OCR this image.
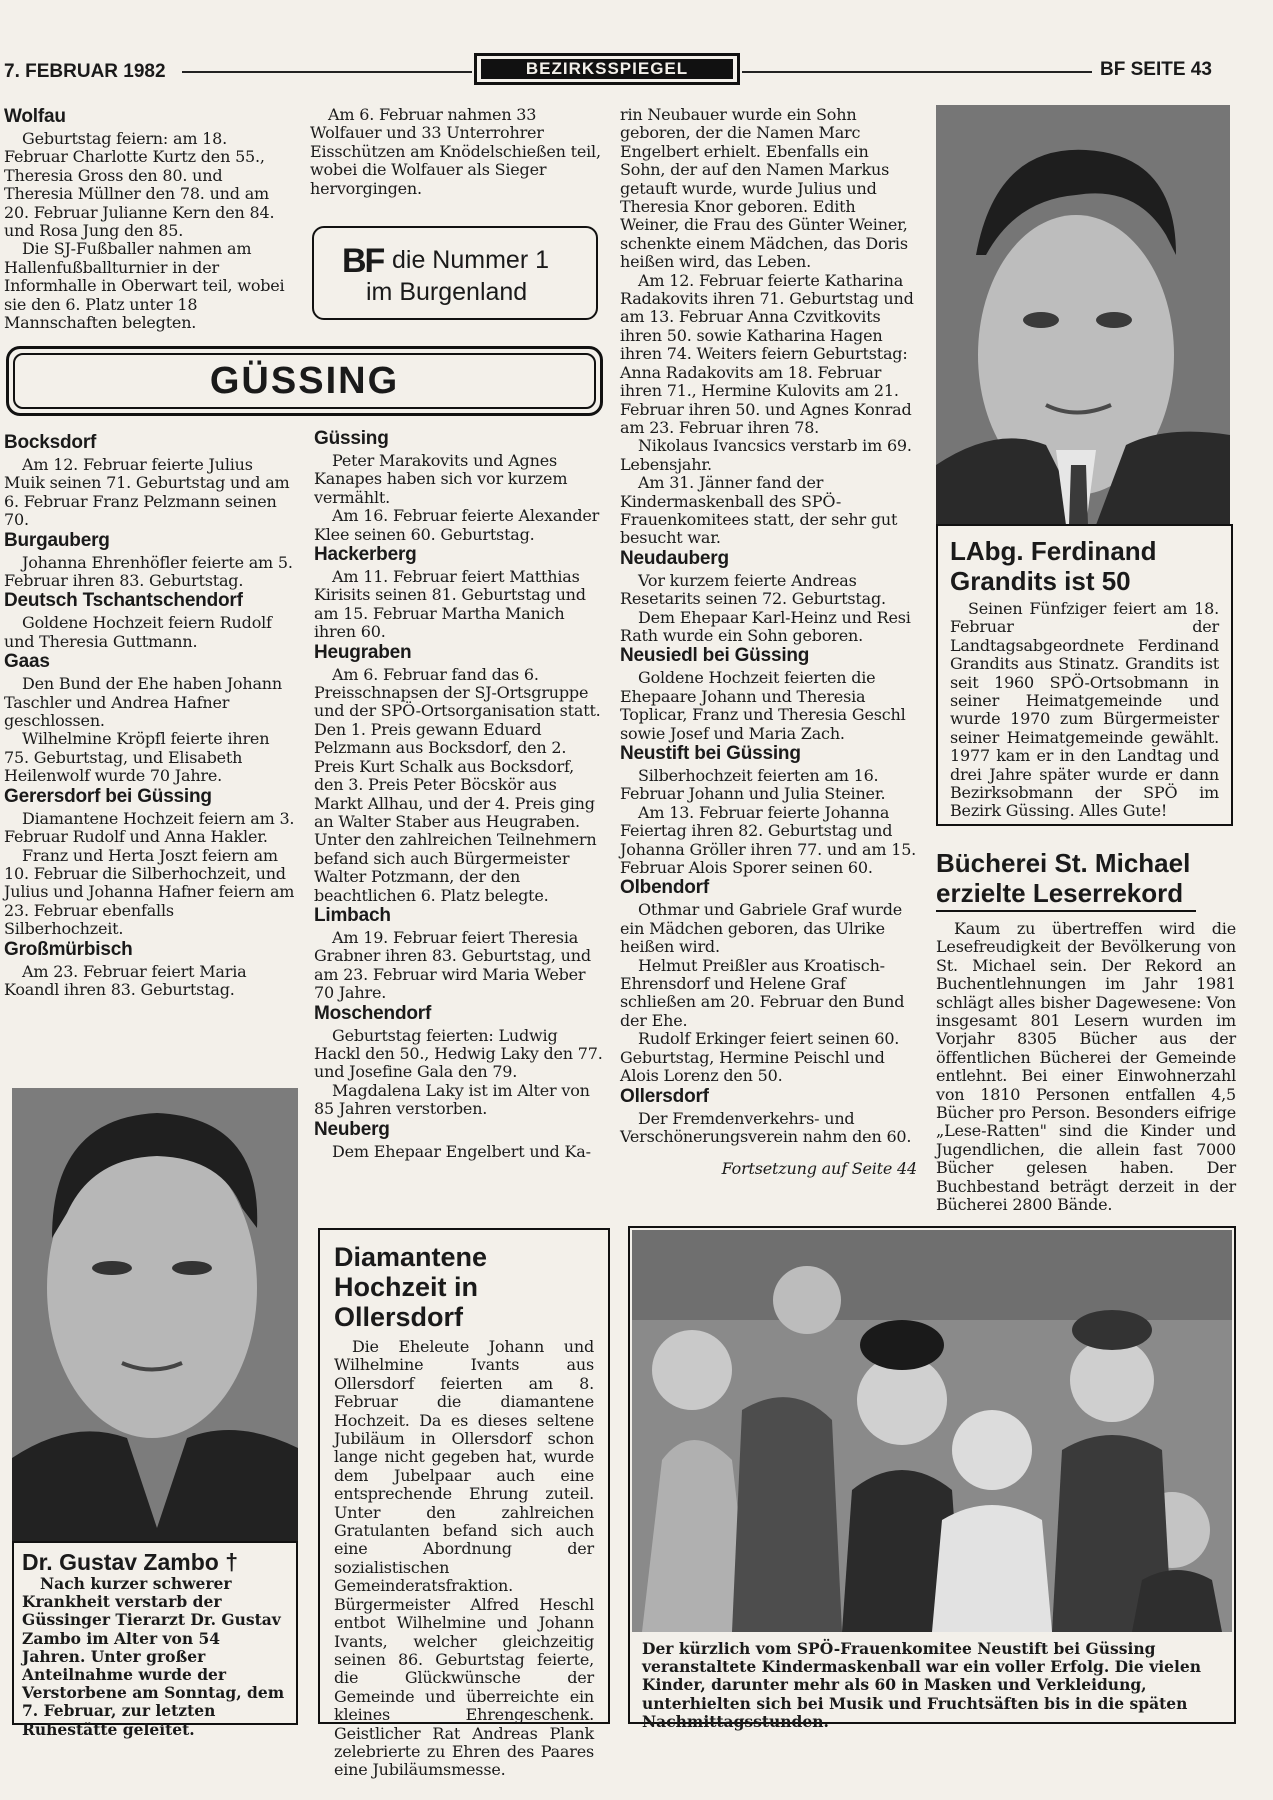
7. FEBRUAR 1982	BEZIRKSSPIEGEL	BF SEITE 43
Wolfau

Geburtstag feiern: am 18. Februar Charlotte Kurtz den 55., Theresia Gross den 80. und Theresia Müllner den 78. und am 20. Februar Julianne Kern den 84. und Rosa Jung den 85.

Die SJ-Fußballer nahmen am Hallenfußballturnier in der Informhalle in Oberwart teil, wobei sie den 6. Platz unter 18 Mannschaften belegten.

Am 6. Februar nahmen 33 Wolfauer und 33 Unterrohrer Eisschützen am Knödelschießen teil, wobei die Wolfauer als Sieger hervorgingen.

BF die Nummer 1
im Burgenland
GÜSSING
Bocksdorf

Am 12. Februar feierte Julius Muik seinen 71. Geburtstag und am 6. Februar Franz Pelzmann seinen 70.

Burgauberg

Johanna Ehrenhöfler feierte am 5. Februar ihren 83. Geburtstag.

Deutsch Tschantschendorf

Goldene Hochzeit feiern Rudolf und Theresia Guttmann.

Gaas

Den Bund der Ehe haben Johann Taschler und Andrea Hafner geschlossen.

Wilhelmine Kröpfl feierte ihren 75. Geburtstag, und Elisabeth Heilenwolf wurde 70 Jahre.

Gerersdorf bei Güssing

Diamantene Hochzeit feiern am 3. Februar Rudolf und Anna Hakler.

Franz und Herta Joszt feiern am 10. Februar die Silberhochzeit, und Julius und Johanna Hafner feiern am 23. Februar ebenfalls Silberhochzeit.

Großmürbisch

Am 23. Februar feiert Maria Koandl ihren 83. Geburtstag.

Güssing

Peter Marakovits und Agnes Kanapes haben sich vor kurzem vermählt.

Am 16. Februar feierte Alexander Klee seinen 60. Geburtstag.

Hackerberg

Am 11. Februar feiert Matthias Kirisits seinen 81. Geburtstag und am 15. Februar Martha Manich ihren 60.

Heugraben

Am 6. Februar fand das 6. Preisschnapsen der SJ-Ortsgruppe und der SPÖ-Ortsorganisation statt. Den 1. Preis gewann Eduard Pelzmann aus Bocksdorf, den 2. Preis Kurt Schalk aus Bocksdorf, den 3. Preis Peter Böcskör aus Markt Allhau, und der 4. Preis ging an Walter Staber aus Heugraben. Unter den zahlreichen Teilnehmern befand sich auch Bürgermeister Walter Potzmann, der den beachtlichen 6. Platz belegte.

Limbach

Am 19. Februar feiert Theresia Grabner ihren 83. Geburtstag, und am 23. Februar wird Maria Weber 70 Jahre.

Moschendorf

Geburtstag feierten: Ludwig Hackl den 50., Hedwig Laky den 77. und Josefine Gala den 79.

Magdalena Laky ist im Alter von 85 Jahren verstorben.

Neuberg

Dem Ehepaar Engelbert und Ka-

rin Neubauer wurde ein Sohn geboren, der die Namen Marc Engelbert erhielt. Ebenfalls ein Sohn, der auf den Namen Markus getauft wurde, wurde Julius und Theresia Knor geboren. Edith Weiner, die Frau des Günter Weiner, schenkte einem Mädchen, das Doris heißen wird, das Leben.

Am 12. Februar feierte Katharina Radakovits ihren 71. Geburtstag und am 13. Februar Anna Czvitkovits ihren 50. sowie Katharina Hagen ihren 74. Weiters feiern Geburtstag: Anna Radakovits am 18. Februar ihren 71., Hermine Kulovits am 21. Februar ihren 50. und Agnes Konrad am 23. Februar ihren 78.

Nikolaus Ivancsics verstarb im 69. Lebensjahr.

Am 31. Jänner fand der Kindermaskenball des SPÖ-Frauenkomitees statt, der sehr gut besucht war.

Neudauberg

Vor kurzem feierte Andreas Resetarits seinen 72. Geburtstag.

Dem Ehepaar Karl-Heinz und Resi Rath wurde ein Sohn geboren.

Neusiedl bei Güssing

Goldene Hochzeit feierten die Ehepaare Johann und Theresia Toplicar, Franz und Theresia Geschl sowie Josef und Maria Zach.

Neustift bei Güssing

Silberhochzeit feierten am 16. Februar Johann und Julia Steiner.

Am 13. Februar feierte Johanna Feiertag ihren 82. Geburtstag und Johanna Gröller ihren 77. und am 15. Februar Alois Sporer seinen 60.

Olbendorf

Othmar und Gabriele Graf wurde ein Mädchen geboren, das Ulrike heißen wird.

Helmut Preißler aus Kroatisch-Ehrensdorf und Helene Graf schließen am 20. Februar den Bund der Ehe.

Rudolf Erkinger feiert seinen 60. Geburtstag, Hermine Peischl und Alois Lorenz den 50.

Ollersdorf

Der Fremdenverkehrs- und Verschönerungsverein nahm den 60.

Fortsetzung auf Seite 44
LAbg. Ferdinand Grandits ist 50
Seinen Fünfziger feiert am 18. Februar der Landtagsabgeordnete Ferdinand Grandits aus Stinatz. Grandits ist seit 1960 SPÖ-Ortsobmann in seiner Heimatgemeinde und wurde 1970 zum Bürgermeister seiner Heimatgemeinde gewählt. 1977 kam er in den Landtag und drei Jahre später wurde er dann Bezirksobmann der SPÖ im Bezirk Güssing. Alles Gute!
Bücherei St. Michael erzielte Leserrekord
Kaum zu übertreffen wird die Lesefreudigkeit der Bevölkerung von St. Michael sein. Der Rekord an Buchentlehnungen im Jahr 1981 schlägt alles bisher Dagewesene: Von insgesamt 801 Lesern wurden im Vorjahr 8305 Bücher aus der öffentlichen Bücherei der Gemeinde entlehnt. Bei einer Einwohnerzahl von 1810 Personen entfallen 4,5 Bücher pro Person. Besonders eifrige „Lese-Ratten" sind die Kinder und Jugendlichen, die allein fast 7000 Bücher gelesen haben. Der Buchbestand beträgt derzeit in der Bücherei 2800 Bände.
Dr. Gustav Zambo †
Nach kurzer schwerer Krankheit verstarb der Güssinger Tierarzt Dr. Gustav Zambo im Alter von 54 Jahren. Unter großer Anteilnahme wurde der Verstorbene am Sonntag, dem 7. Februar, zur letzten Ruhestätte geleitet.
Diamantene Hochzeit in Ollersdorf
Die Eheleute Johann und Wilhelmine Ivants aus Ollersdorf feierten am 8. Februar die diamantene Hochzeit. Da es dieses seltene Jubiläum in Ollersdorf schon lange nicht gegeben hat, wurde dem Jubelpaar auch eine entsprechende Ehrung zuteil. Unter den zahlreichen Gratulanten befand sich auch eine Abordnung der sozialistischen Gemeinderatsfraktion. Bürgermeister Alfred Heschl entbot Wilhelmine und Johann Ivants, welcher gleichzeitig seinen 86. Geburtstag feierte, die Glückwünsche der Gemeinde und überreichte ein kleines Ehrengeschenk. Geistlicher Rat Andreas Plank zelebrierte zu Ehren des Paares eine Jubiläumsmesse.
Der kürzlich vom SPÖ-Frauenkomitee Neustift bei Güssing veranstaltete Kindermaskenball war ein voller Erfolg. Die vielen Kinder, darunter mehr als 60 in Masken und Verkleidung, unterhielten sich bei Musik und Fruchtsäften bis in die späten Nachmittagsstunden.
